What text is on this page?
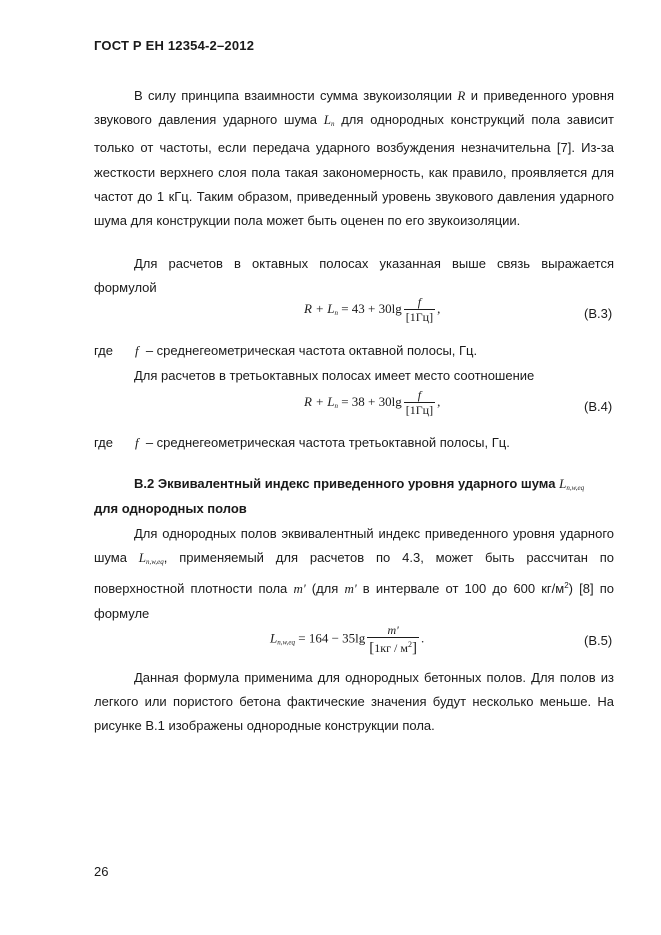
ГОСТ Р ЕН 12354-2–2012

В силу принципа взаимности сумма звукоизоляции R и приведенного уровня звукового давления ударного шума $L_n$ для однородных конструкций пола зависит только от частоты, если передача ударного возбуждения незначительна [7]. Из-за жесткости верхнего слоя пола такая закономерность, как правило, проявляется для частот до 1 кГц. Таким образом, приведенный уровень звукового давления ударного шума для конструкции пола может быть оценен по его звукоизоляции.

Для расчетов в октавных полосах указанная выше связь выражается формулой

$R + L_n = 43 + 30\lg \frac{f}{[1Гц]}$ ,	(В.3)
где f – среднегеометрическая частота октавной полосы, Гц.
Для расчетов в третьоктавных полосах имеет место соотношение
$R + L_n = 38 + 30\lg \frac{f}{[1Гц]}$ ,	(В.4)
где f – среднегеометрическая частота третьоктавной полосы, Гц.
В.2 Эквивалентный индекс приведенного уровня ударного шума $L_{n,w,eq}$
для однородных полов

Для однородных полов эквивалентный индекс приведенного уровня ударного шума $L_{n,w,eq}$, применяемый для расчетов по 4.3, может быть рассчитан по поверхностной плотности пола m' (для m' в интервале от 100 до 600 $кг/м^2$) [8] по формуле

$L_{n,w,eq} = 164 - 35\lg \frac{m'}{[1кг / м^2]}$ .	(В.5)

Данная формула применима для однородных бетонных полов. Для полов из легкого или пористого бетона фактические значения будут несколько меньше. На рисунке В.1 изображены однородные конструкции пола.

26
